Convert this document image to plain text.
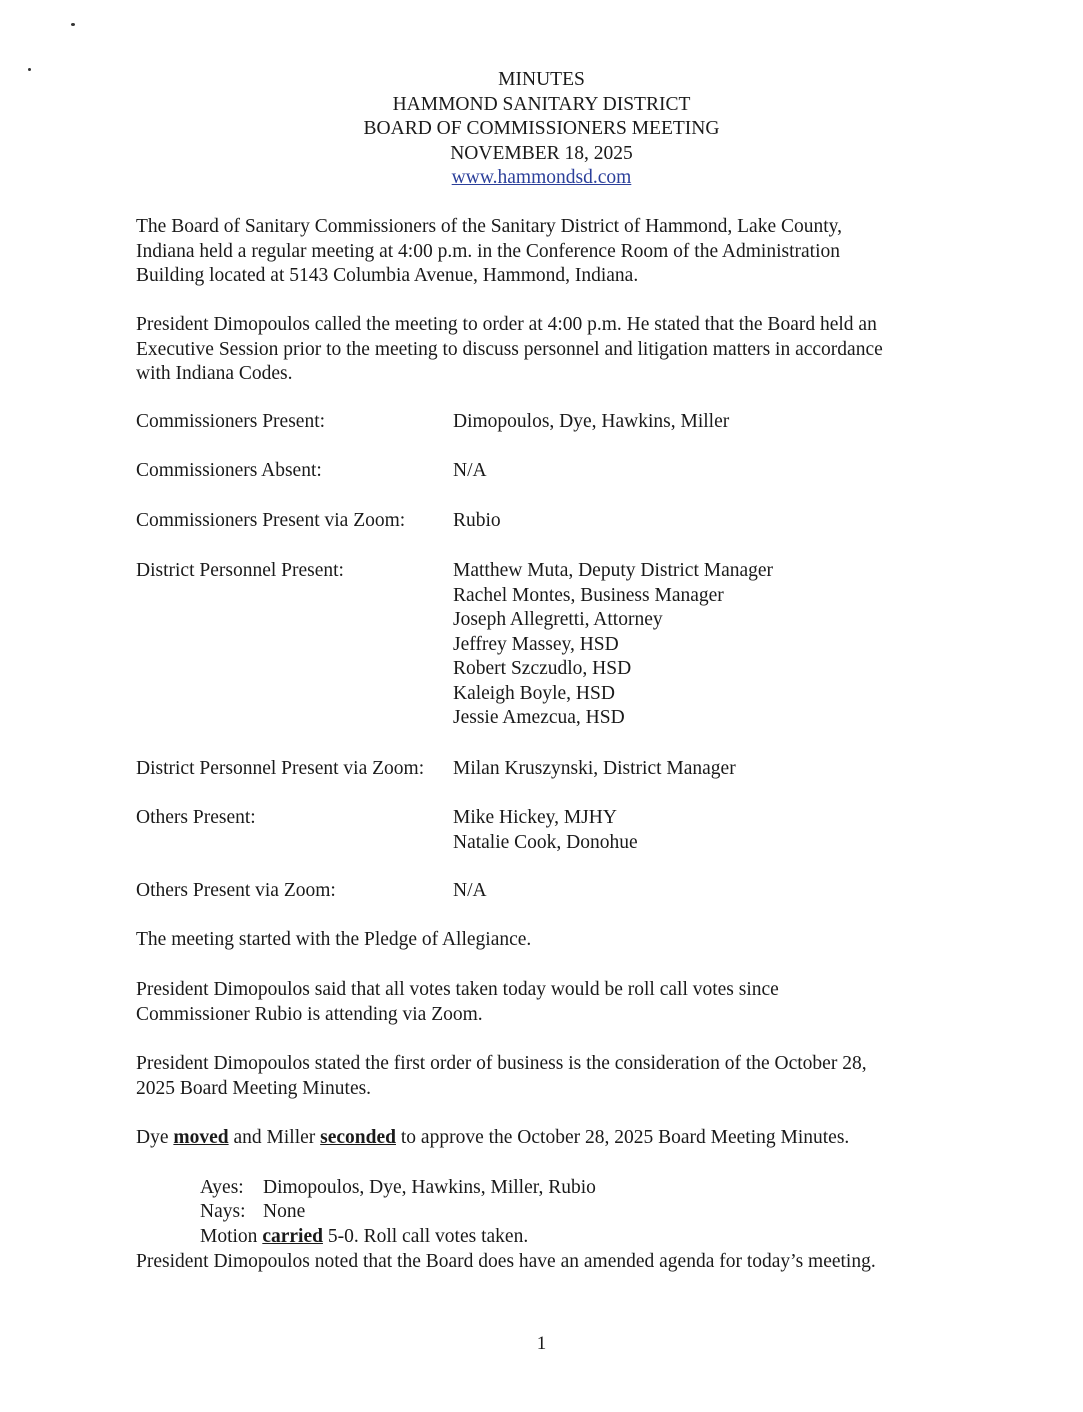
MINUTES
HAMMOND SANITARY DISTRICT
BOARD OF COMMISSIONERS MEETING
NOVEMBER 18, 2025
www.hammondsd.com
The Board of Sanitary Commissioners of the Sanitary District of Hammond, Lake County,
Indiana held a regular meeting at 4:00 p.m. in the Conference Room of the Administration
Building located at 5143 Columbia Avenue, Hammond, Indiana.
President Dimopoulos called the meeting to order at 4:00 p.m. He stated that the Board held an
Executive Session prior to the meeting to discuss personnel and litigation matters in accordance
with Indiana Codes.
Commissioners Present:	Dimopoulos, Dye, Hawkins, Miller
Commissioners Absent:	N/A
Commissioners Present via Zoom: Rubio
District Personnel Present:	Matthew Muta, Deputy District Manager
Rachel Montes, Business Manager
Joseph Allegretti, Attorney
Jeffrey Massey, HSD
Robert Szczudlo, HSD
Kaleigh Boyle, HSD
Jessie Amezcua, HSD
District Personnel Present via Zoom: Milan Kruszynski, District Manager
Others Present:	Mike Hickey, MJHY
Natalie Cook, Donohue
Others Present via Zoom:	N/A
The meeting started with the Pledge of Allegiance.
President Dimopoulos said that all votes taken today would be roll call votes since
Commissioner Rubio is attending via Zoom.
President Dimopoulos stated the first order of business is the consideration of the October 28,
2025 Board Meeting Minutes.
Dye moved and Miller seconded to approve the October 28, 2025 Board Meeting Minutes.
Ayes: Dimopoulos, Dye, Hawkins, Miller, Rubio
Nays: None
Motion carried 5-0. Roll call votes taken.
President Dimopoulos noted that the Board does have an amended agenda for today’s meeting.
1
